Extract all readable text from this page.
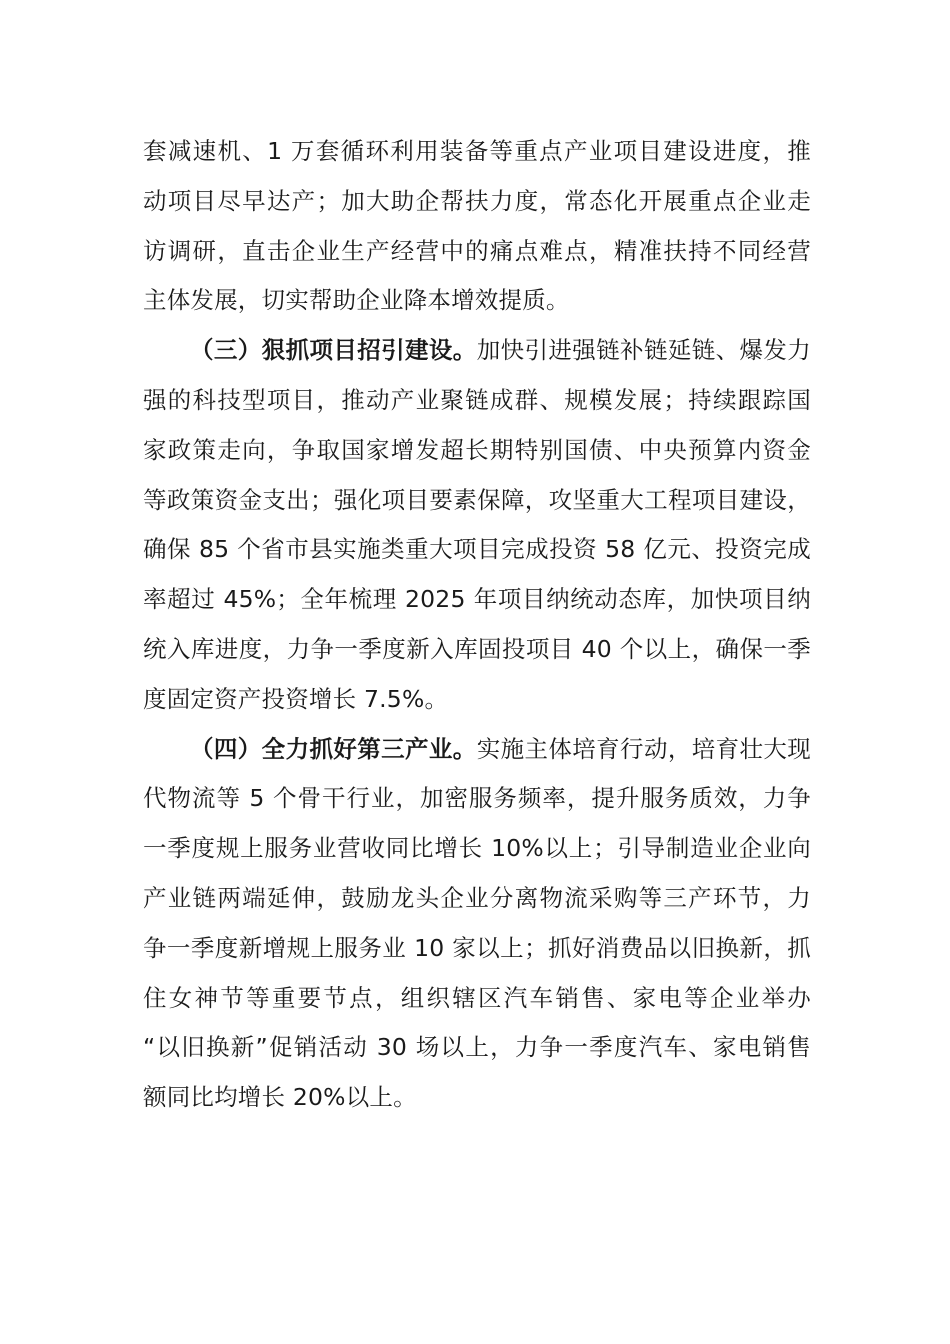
套减速机、1 万套循环利用装备等重点产业项目建设进度，推
动项目尽早达产；加大助企帮扶力度，常态化开展重点企业走
访调研，直击企业生产经营中的痛点难点，精准扶持不同经营
主体发展，切实帮助企业降本增效提质。
（三）狠抓项目招引建设。加快引进强链补链延链、爆发力
强的科技型项目，推动产业聚链成群、规模发展；持续跟踪国
家政策走向，争取国家增发超长期特别国债、中央预算内资金
等政策资金支出；强化项目要素保障，攻坚重大工程项目建设，
确保 85 个省市县实施类重大项目完成投资 58 亿元、投资完成
率超过 45%；全年梳理 2025 年项目纳统动态库，加快项目纳
统入库进度，力争一季度新入库固投项目 40 个以上，确保一季
度固定资产投资增长 7.5%。
（四）全力抓好第三产业。实施主体培育行动，培育壮大现
代物流等 5 个骨干行业，加密服务频率，提升服务质效，力争
一季度规上服务业营收同比增长 10%以上；引导制造业企业向
产业链两端延伸，鼓励龙头企业分离物流采购等三产环节，力
争一季度新增规上服务业 10 家以上；抓好消费品以旧换新，抓
住女神节等重要节点，组织辖区汽车销售、家电等企业举办
“以旧换新”促销活动 30 场以上，力争一季度汽车、家电销售
额同比均增长 20%以上。
